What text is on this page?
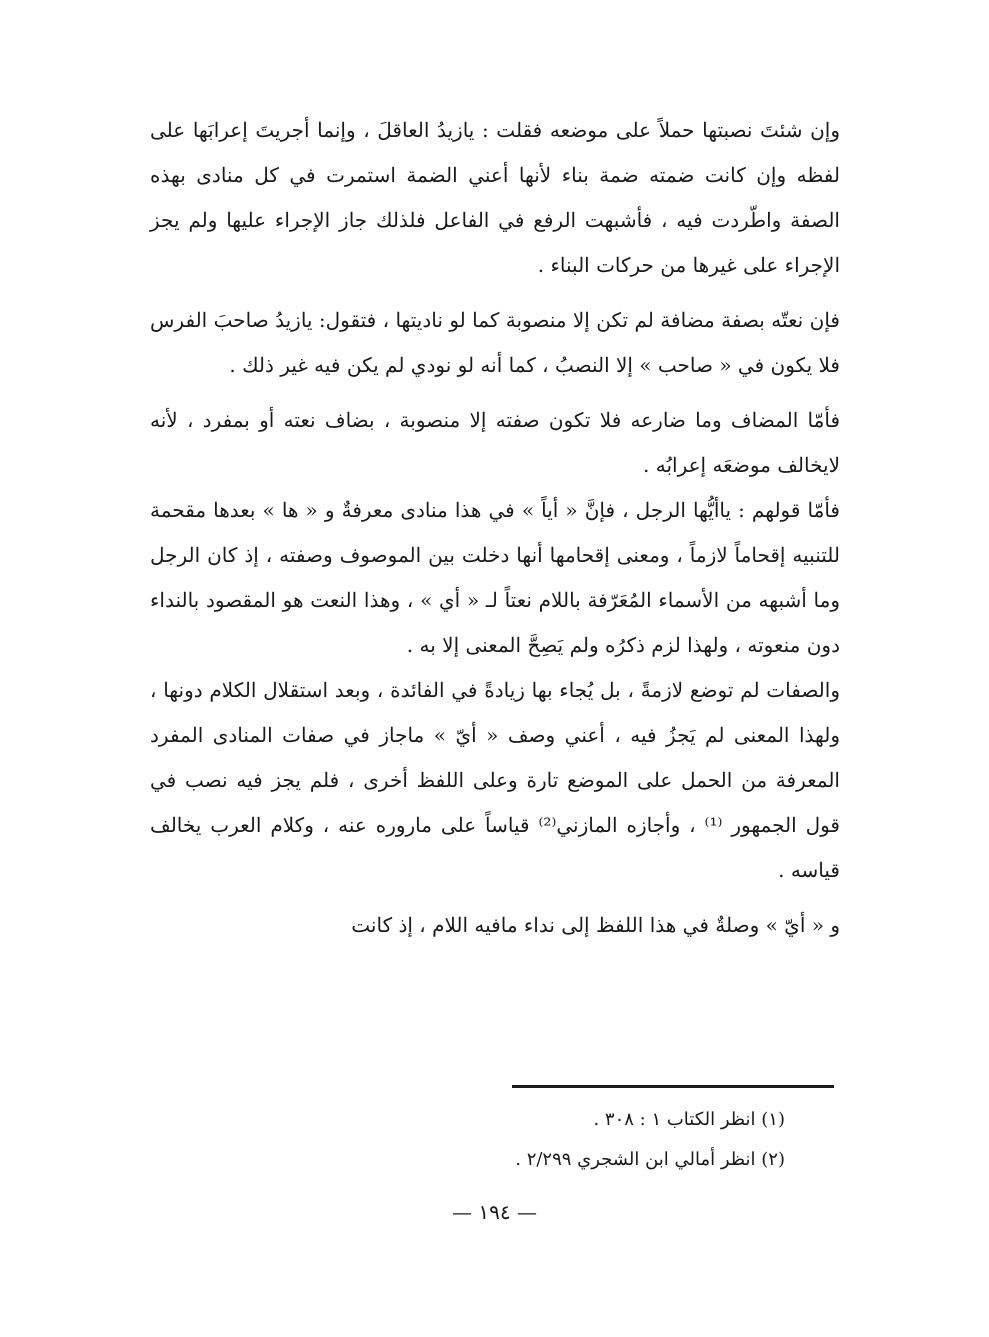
وإن شئتَ نصبتها حملاً على موضعه فقلت : يازيدُ العاقلَ ، وإنما أجريتَ إعرابَها على لفظه وإن كانت ضمته ضمة بناء لأنها أعني الضمة استمرت في كل منادى بهذه الصفة واطّردت فيه ، فأشبهت الرفع في الفاعل فلذلك جاز الإجراء عليها ولم يجز الإجراء على غيرها من حركات البناء .

فإن نعتّه بصفة مضافة لم تكن إلا منصوبة كما لو ناديتها ، فتقول: يازيدُ صاحبَ الفرس فلا يكون في « صاحب » إلا النصبُ ، كما أنه لو نودي لم يكن فيه غير ذلك .

فأمّا المضاف وما ضارعه فلا تكون صفته إلا منصوبة ، بضاف نعته أو بمفرد ، لأنه لايخالف موضعَه إعرابُه .

فأمّا قولهم : ياأيُّها الرجل ، فإنَّ « أياً » في هذا منادى معرفةٌ و « ها » بعدها مقحمة للتنبيه إقحاماً لازماً ، ومعنى إقحامها أنها دخلت بين الموصوف وصفته ، إذ كان الرجل وما أشبهه من الأسماء المُعَرّفة باللام نعتاً لـ « أي » ، وهذا النعت هو المقصود بالنداء دون منعوته ، ولهذا لزم ذكرُه ولم يَصِحَّ المعنى إلا به .

والصفات لم توضع لازمةً ، بل يُجاء بها زيادةً في الفائدة ، وبعد استقلال الكلام دونها ، ولهذا المعنى لم يَجزُ فيه ، أعني وصف « أيّ » ماجاز في صفات المنادى المفرد المعرفة من الحمل على الموضع تارة وعلى اللفظ أخرى ، فلم يجز فيه نصب في قول الجمهور ⁽¹⁾ ، وأجازه المازني⁽²⁾ قياساً على ماروره عنه ، وكلام العرب يخالف قياسه .

و « أيّ » وصلةٌ في هذا اللفظ إلى نداء مافيه اللام ، إذ كانت

(١) انظر الكتاب ١ : ٣٠٨ .

(٢) انظر أمالي ابن الشجري ٢/٢٩٩ .

— ١٩٤ —
